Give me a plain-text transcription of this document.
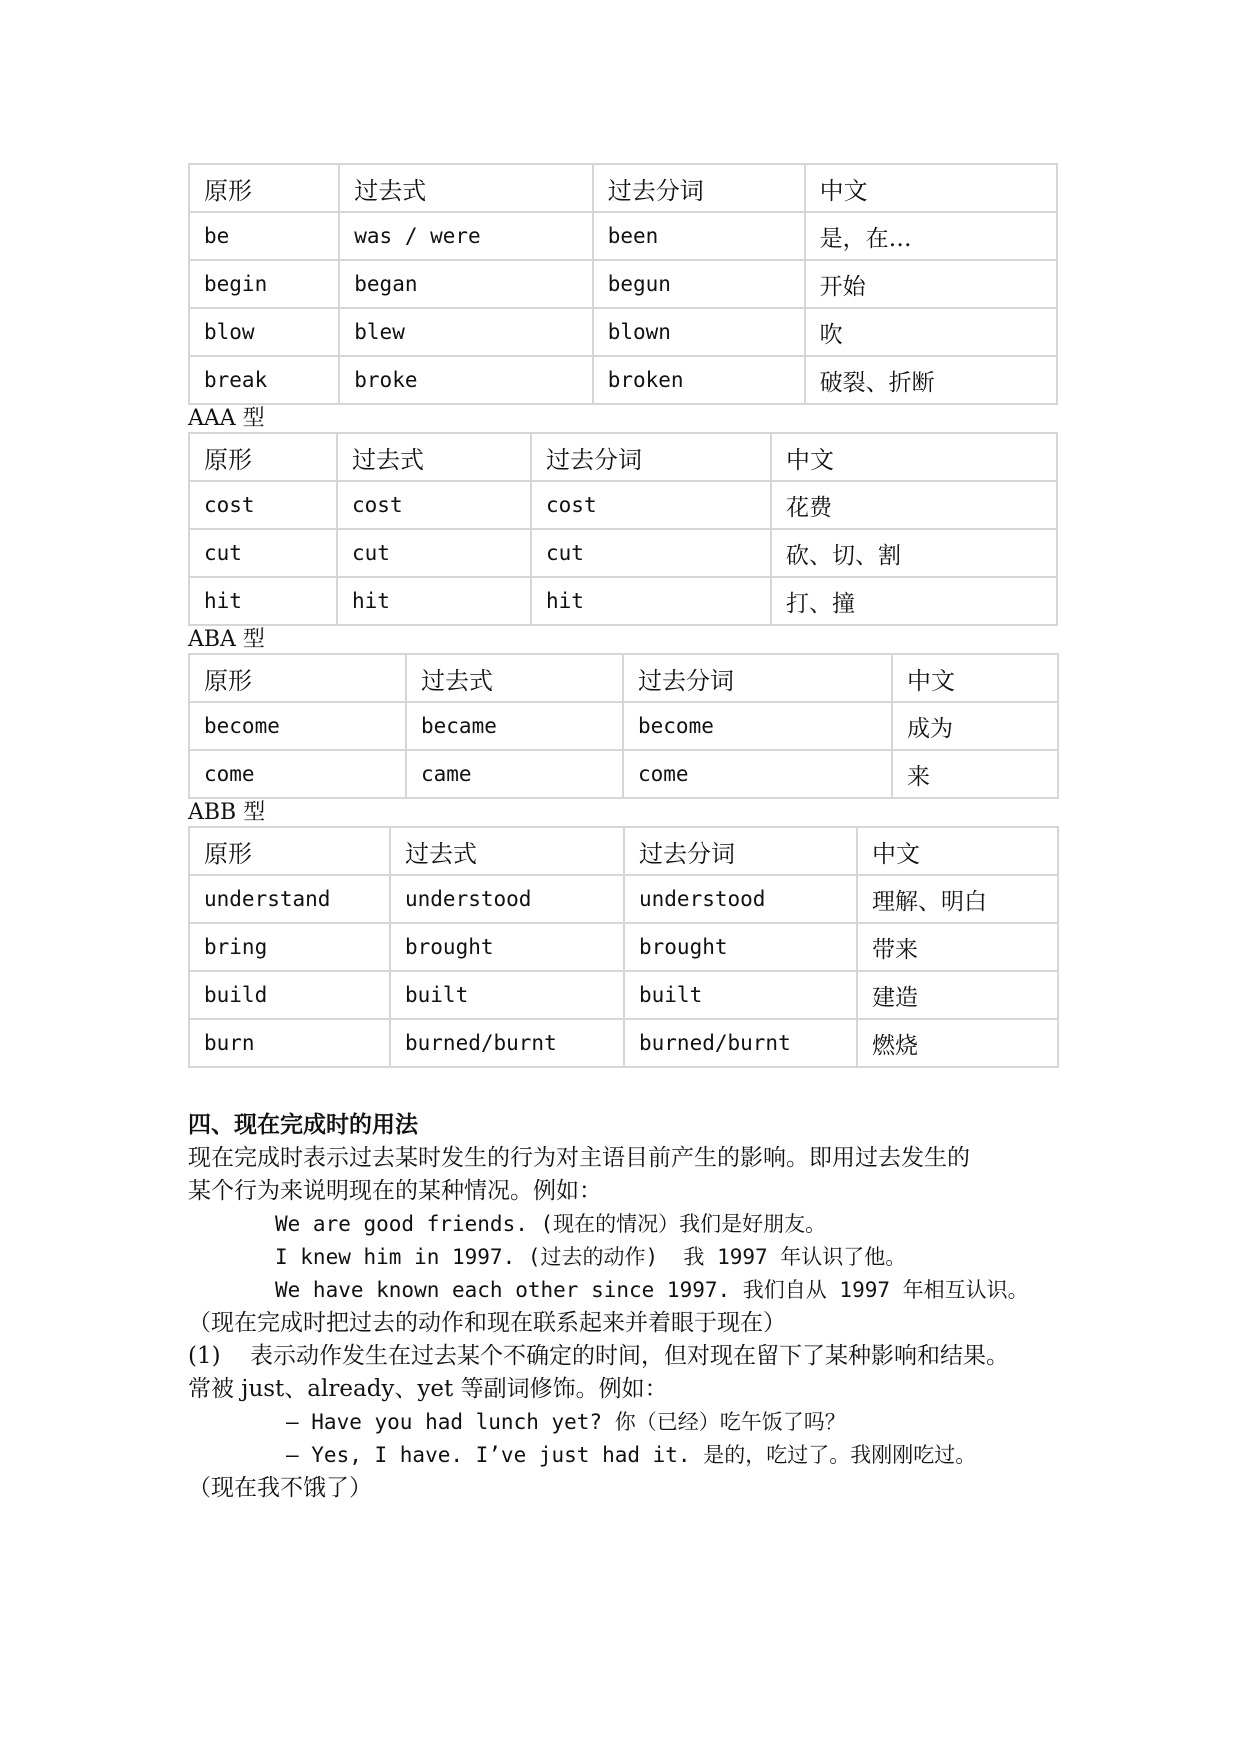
原形	过去式	过去分词	中文
be	was / were	been	是，在…
begin	began	begun	开始
blow	blew	blown	吹
break	broke	broken	破裂、折断
AAA 型
原形	过去式	过去分词	中文
cost	cost	cost	花费
cut	cut	cut	砍、切、割
hit	hit	hit	打、撞
ABA 型
原形	过去式	过去分词	中文
become	became	become	成为
come	came	come	来
ABB 型
原形	过去式	过去分词	中文
understand	understood	understood	理解、明白
bring	brought	brought	带来
build	built	built	建造
burn	burned/burnt	burned/burnt	燃烧
四、现在完成时的用法

现在完成时表示过去某时发生的行为对主语目前产生的影响。即用过去发生的

某个行为来说明现在的某种情况。例如：

We are good friends. (现在的情况）我们是好朋友。
I knew him in 1997. (过去的动作)  我 1997 年认识了他。
We have known each other since 1997. 我们自从 1997 年相互认识。

（现在完成时把过去的动作和现在联系起来并着眼于现在）

(1) 表示动作发生在过去某个不确定的时间，但对现在留下了某种影响和结果。

常被 just、already、yet 等副词修饰。例如：

— Have you had lunch yet? 你（已经）吃午饭了吗？
— Yes, I have. I’ve just had it. 是的，吃过了。我刚刚吃过。

（现在我不饿了）
